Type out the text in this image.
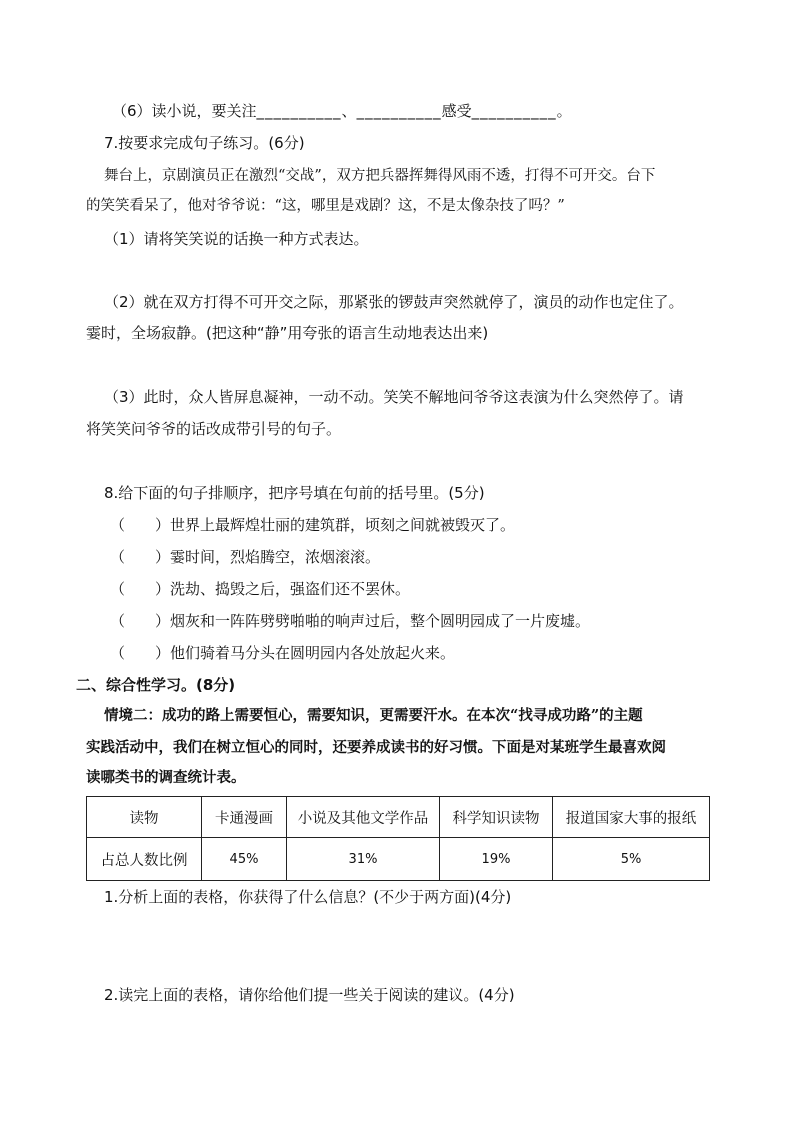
（6）读小说，要关注__________、__________感受__________。
7.按要求完成句子练习。(6分)
舞台上，京剧演员正在激烈“交战”，双方把兵器挥舞得风雨不透，打得不可开交。台下
的笑笑看呆了，他对爷爷说：“这，哪里是戏剧？这，不是太像杂技了吗？”
（1）请将笑笑说的话换一种方式表达。
（2）就在双方打得不可开交之际，那紧张的锣鼓声突然就停了，演员的动作也定住了。
霎时，全场寂静。(把这种“静”用夸张的语言生动地表达出来)
（3）此时，众人皆屏息凝神，一动不动。笑笑不解地问爷爷这表演为什么突然停了。请
将笑笑问爷爷的话改成带引号的句子。
8.给下面的句子排顺序，把序号填在句前的括号里。(5分)
（　　）世界上最辉煌壮丽的建筑群，顷刻之间就被毁灭了。
（　　）霎时间，烈焰腾空，浓烟滚滚。
（　　）洗劫、捣毁之后，强盗们还不罢休。
（　　）烟灰和一阵阵劈劈啪啪的响声过后，整个圆明园成了一片废墟。
（　　）他们骑着马分头在圆明园内各处放起火来。
二、综合性学习。(8分)
情境二：成功的路上需要恒心，需要知识，更需要汗水。在本次“找寻成功路”的主题
实践活动中，我们在树立恒心的同时，还要养成读书的好习惯。下面是对某班学生最喜欢阅
读哪类书的调查统计表。
读物	卡通漫画	小说及其他文学作品	科学知识读物	报道国家大事的报纸
占总人数比例	45%	31%	19%	5%
1.分析上面的表格，你获得了什么信息？(不少于两方面)(4分)
2.读完上面的表格，请你给他们提一些关于阅读的建议。(4分)
